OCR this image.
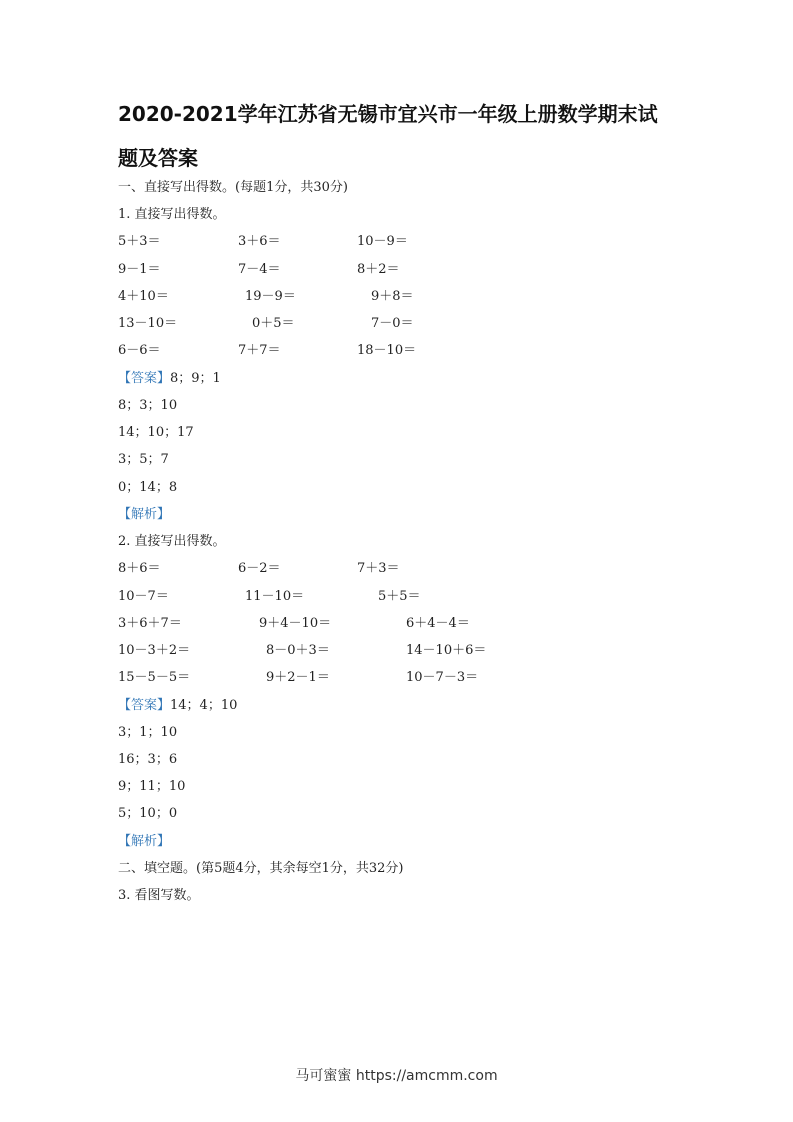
2020-2021学年江苏省无锡市宜兴市一年级上册数学期末试
题及答案
一、直接写出得数。(每题1分，共30分)
1. 直接写出得数。
5＋3＝	3＋6＝	10－9＝
9－1＝	7－4＝	8＋2＝
4＋10＝	19－9＝	9＋8＝
13－10＝	0＋5＝	7－0＝
6－6＝	7＋7＝	18－10＝
【答案】8；9；1
8；3；10
14；10；17
3；5；7
0；14；8
【解析】
2. 直接写出得数。
8＋6＝	6－2＝	7＋3＝
10－7＝	11－10＝	5＋5＝
3＋6＋7＝	9＋4－10＝	6＋4－4＝
10－3＋2＝	8－0＋3＝	14－10＋6＝
15－5－5＝	9＋2－1＝	10－7－3＝
【答案】14；4；10
3；1；10
16；3；6
9；11；10
5；10；0
【解析】
二、填空题。(第5题4分，其余每空1分，共32分)
3. 看图写数。
马可蜜蜜 https://amcmm.com
